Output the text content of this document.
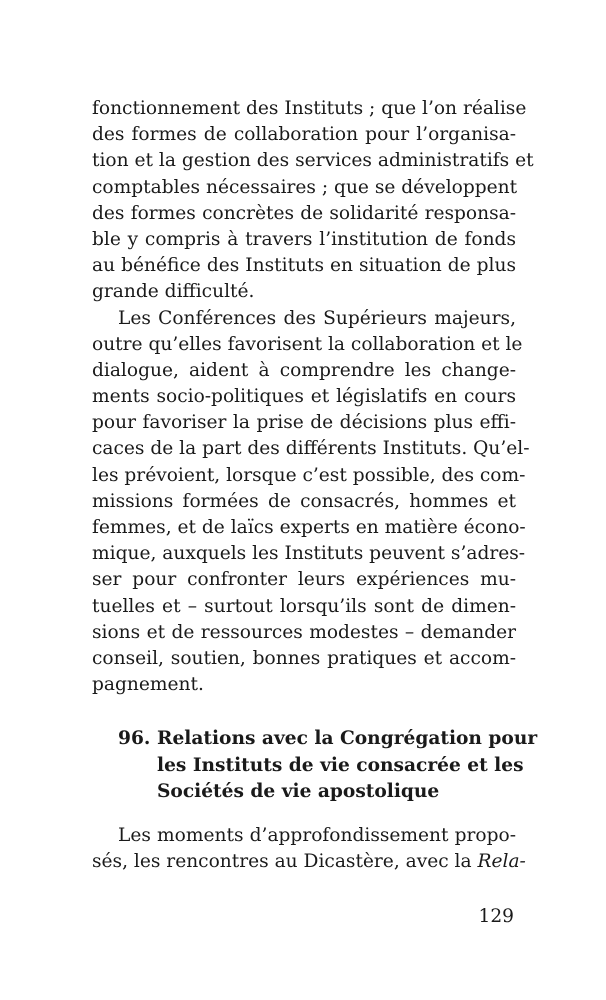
fonctionnement des Instituts ; que l’on réalise
des formes de collaboration pour l’organisa-
tion et la gestion des services administratifs et
comptables nécessaires ; que se développent
des formes concrètes de solidarité responsa-
ble y compris à travers l’institution de fonds
au bénéfice des Instituts en situation de plus
grande difficulté.
Les Conférences des Supérieurs majeurs,
outre qu’elles favorisent la collaboration et le
dialogue, aident à comprendre les change-
ments socio-politiques et législatifs en cours
pour favoriser la prise de décisions plus effi-
caces de la part des différents Instituts. Qu’el-
les prévoient, lorsque c’est possible, des com-
missions formées de consacrés, hommes et
femmes, et de laïcs experts en matière écono-
mique, auxquels les Instituts peuvent s’adres-
ser pour confronter leurs expériences mu-
tuelles et – surtout lorsqu’ils sont de dimen-
sions et de ressources modestes – demander
conseil, soutien, bonnes pratiques et accom-
pagnement.
96. Relations avec la Congrégation pour
les Instituts de vie consacrée et les
Sociétés de vie apostolique
Les moments d’approfondissement propo-
sés, les rencontres au Dicastère, avec la Rela-
129
